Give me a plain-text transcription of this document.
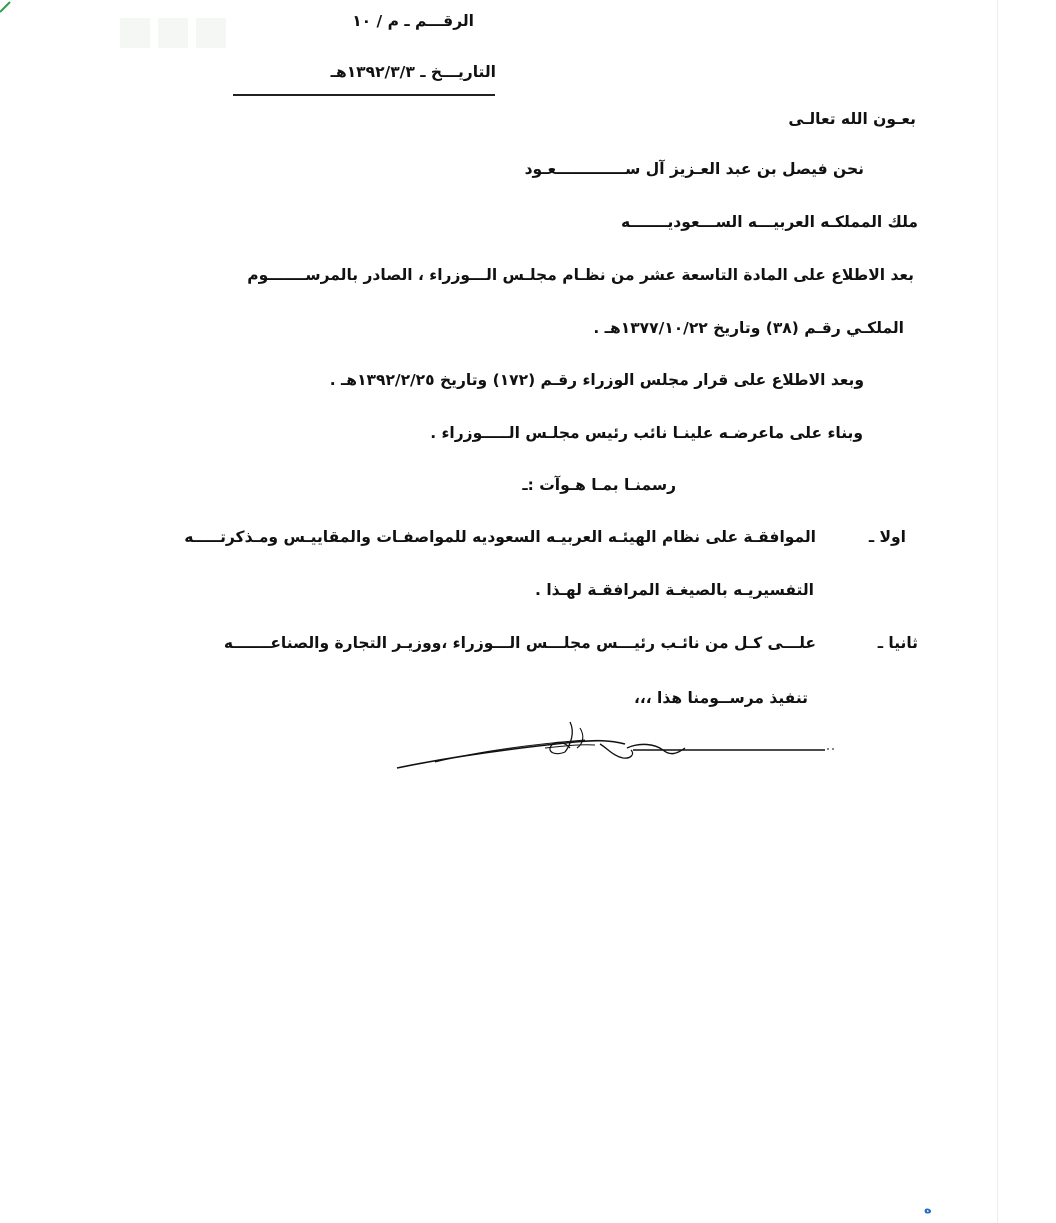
الرقـــم ـ م / ١٠
التاريـــخ ـ ١٣٩٢/٣/٣هـ
بعـون الله تعالـى
نحن فيصل بن عبد العـزيز آل ســـــــــــــعـود
ملك المملكـه العربيـــه الســـعوديـــــــه
بعد الاطلاع على المادة التاسعة عشر من نظـام مجلـس الـــوزراء ، الصادر بالمرســـــــوم
الملكـي رقـم (٣٨) وتاريخ ١٣٧٧/١٠/٢٢هـ .
وبعد الاطلاع على قرار مجلس الوزراء رقـم (١٧٢) وتاريخ ١٣٩٢/٢/٢٥هـ .
وبناء على ماعرضـه علينـا نائب رئيس مجلـس الـــــوزراء .
رسمنـا بمـا هـوآت :ـ
اولا ـ
الموافقـة على نظام الهيئـه العربيـه السعوديه للمواصفـات والمقاييـس ومـذكرتـــــه
التفسيريـه بالصيغـة المرافقـة لهـذا .
ثانيا ـ
علـــى كـل من نائـب رئيـــس مجلـــس الـــوزراء ،ووزيـر التجارة والصناعـــــــه
تنفيذ مرســومنا هذا ،،،
ه
